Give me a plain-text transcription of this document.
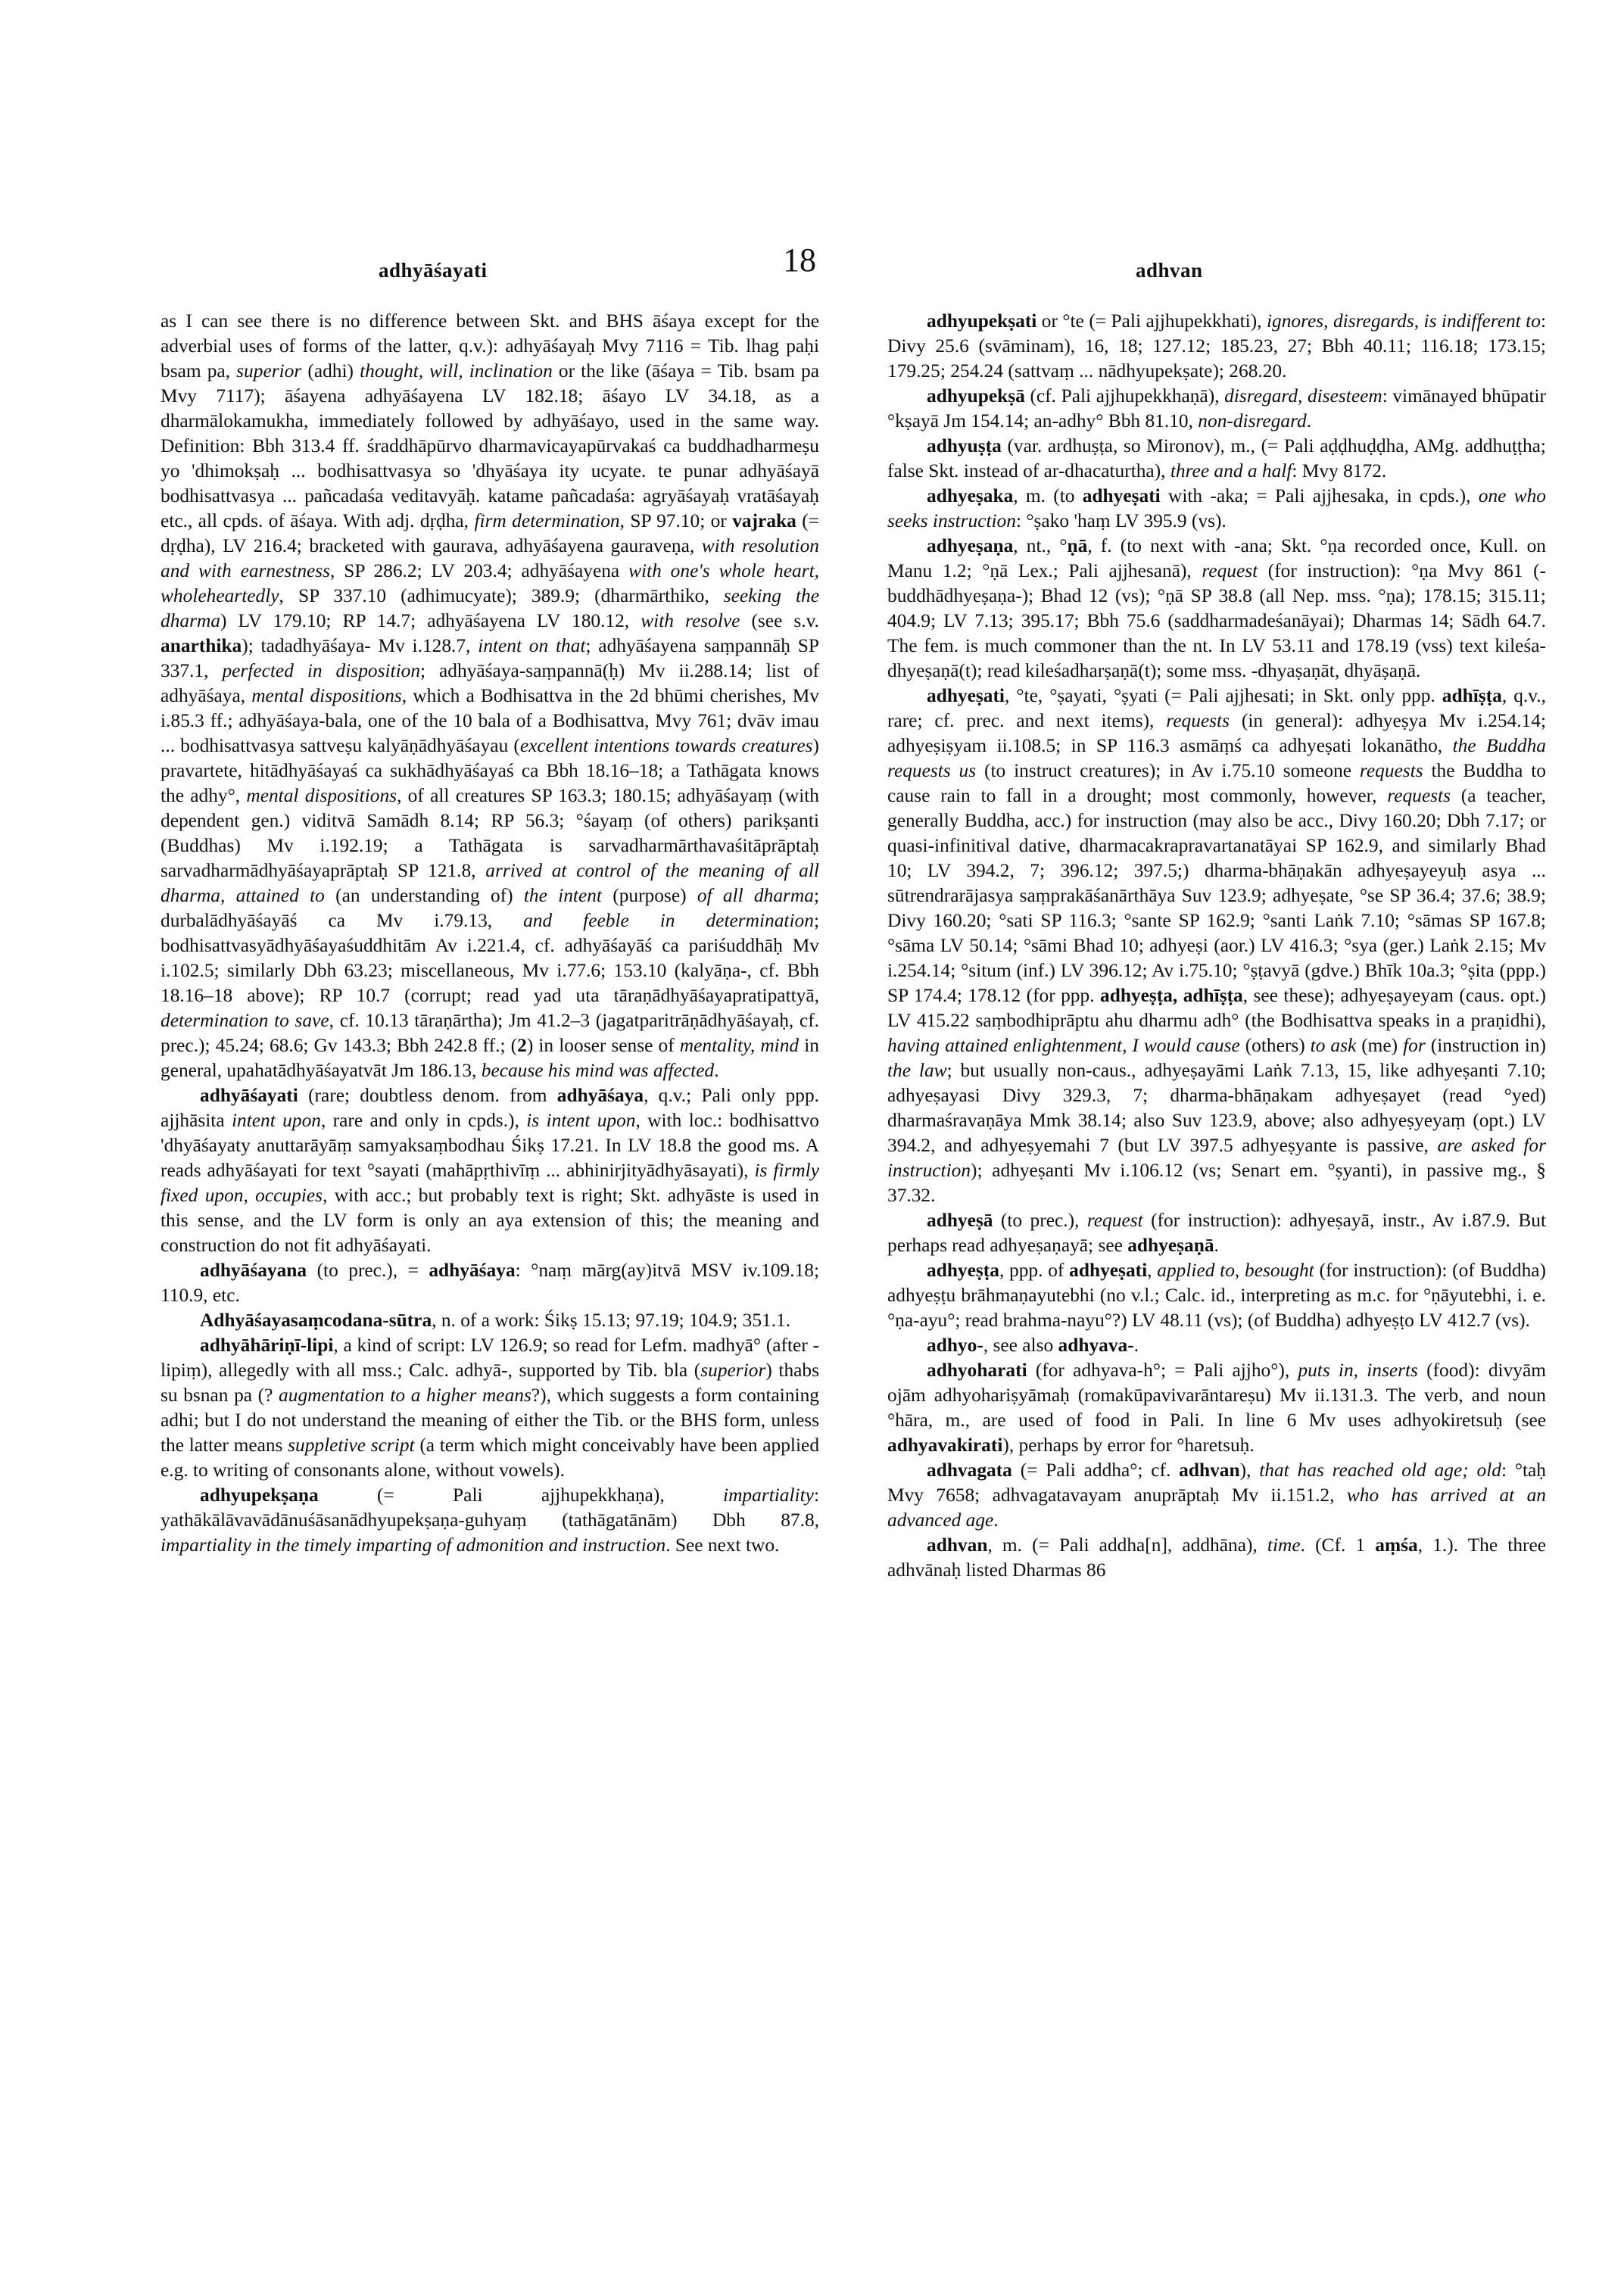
adhyāśayati	18	adhvan

as I can see there is no difference between Skt. and BHS āśaya except for the adverbial uses of forms of the latter, q.v.): adhyāśayaḥ Mvy 7116 = Tib. lhag paḥi bsam pa, superior (adhi) thought, will, inclination or the like (āśaya = Tib. bsam pa Mvy 7117); āśayena adhyāśayena LV 182.18; āśayo LV 34.18, as a dharmālokamukha, immediately followed by adhyāśayo, used in the same way. Definition: Bbh 313.4 ff. śraddhāpūrvo dharmavicayapūrvakaś ca buddhadharmeṣu yo 'dhimokṣaḥ ... bodhisattvasya so 'dhyāśaya ity ucyate. te punar adhyāśayā bodhisattvasya ... pañcadaśa veditavyāḥ. katame pañcadaśa: agryāśayaḥ vratāśayaḥ etc., all cpds. of āśaya. With adj. dṛḍha, firm determination, SP 97.10; or vajraka (= dṛḍha), LV 216.4; bracketed with gaurava, adhyāśayena gauraveṇa, with resolution and with earnestness, SP 286.2; LV 203.4; adhyāśayena with one's whole heart, wholeheartedly, SP 337.10 (adhimucyate); 389.9; (dharmārthiko, seeking the dharma) LV 179.10; RP 14.7; adhyāśayena LV 180.12, with resolve (see s.v. anarthika); tadadhyāśaya- Mv i.128.7, intent on that; adhyāśayena saṃpannāḥ SP 337.1, perfected in disposition; adhyāśaya-saṃpannā(ḥ) Mv ii.288.14; list of adhyāśaya, mental dispositions, which a Bodhisattva in the 2d bhūmi cherishes, Mv i.85.3 ff.; adhyāśaya-bala, one of the 10 bala of a Bodhisattva, Mvy 761; dvāv imau ... bodhisattvasya sattveṣu kalyāṇādhyāśayau (excellent intentions towards creatures) pravartete, hitādhyāśayaś ca sukhādhyāśayaś ca Bbh 18.16–18; a Tathāgata knows the adhy°, mental dispositions, of all creatures SP 163.3; 180.15; adhyāśayaṃ (with dependent gen.) viditvā Samādh 8.14; RP 56.3; °śayaṃ (of others) parikṣanti (Buddhas) Mv i.192.19; a Tathāgata is sarvadharmārthavaśitāprāptaḥ sarvadharmādhyāśayaprāptaḥ SP 121.8, arrived at control of the meaning of all dharma, attained to (an understanding of) the intent (purpose) of all dharma; durbalādhyāśayāś ca Mv i.79.13, and feeble in determination; bodhisattvasyādhyāśayaśuddhitām Av i.221.4, cf. adhyāśayāś ca pariśuddhāḥ Mv i.102.5; similarly Dbh 63.23; miscellaneous, Mv i.77.6; 153.10 (kalyāṇa-, cf. Bbh 18.16–18 above); RP 10.7 (corrupt; read yad uta tāraṇādhyāśayapratipattyā, determination to save, cf. 10.13 tāraṇārtha); Jm 41.2–3 (jagatparitrāṇādhyāśayaḥ, cf. prec.); 45.24; 68.6; Gv 143.3; Bbh 242.8 ff.; (2) in looser sense of mentality, mind in general, upahatādhyāśayatvāt Jm 186.13, because his mind was affected.

adhyāśayati (rare; doubtless denom. from adhyāśaya, q.v.; Pali only ppp. ajjhāsita intent upon, rare and only in cpds.), is intent upon, with loc.: bodhisattvo 'dhyāśayaty anuttarāyāṃ samyaksaṃbodhau Śikṣ 17.21. In LV 18.8 the good ms. A reads adhyāśayati for text °sayati (mahāpṛthivīṃ ... abhinirjityādhyāsayati), is firmly fixed upon, occupies, with acc.; but probably text is right; Skt. adhyāste is used in this sense, and the LV form is only an aya extension of this; the meaning and construction do not fit adhyāśayati.

adhyāśayana (to prec.), = adhyāśaya: °naṃ mārg(ay)itvā MSV iv.109.18; 110.9, etc.

Adhyāśayasaṃcodana-sūtra, n. of a work: Śikṣ 15.13; 97.19; 104.9; 351.1.

adhyāhāriṇī-lipi, a kind of script: LV 126.9; so read for Lefm. madhyā° (after -lipiṃ), allegedly with all mss.; Calc. adhyā-, supported by Tib. bla (superior) thabs su bsnan pa (? augmentation to a higher means?), which suggests a form containing adhi; but I do not understand the meaning of either the Tib. or the BHS form, unless the latter means suppletive script (a term which might conceivably have been applied e.g. to writing of consonants alone, without vowels).

adhyupekṣaṇa (= Pali ajjhupekkhaṇa), impartiality: yathākālāvavādānuśāsanādhyupekṣaṇa-guhyaṃ (tathāgatānām) Dbh 87.8, impartiality in the timely imparting of admonition and instruction. See next two.

adhyupekṣati or °te (= Pali ajjhupekkhati), ignores, disregards, is indifferent to: Divy 25.6 (svāminam), 16, 18; 127.12; 185.23, 27; Bbh 40.11; 116.18; 173.15; 179.25; 254.24 (sattvaṃ ... nādhyupekṣate); 268.20.

adhyupekṣā (cf. Pali ajjhupekkhaṇā), disregard, disesteem: vimānayed bhūpatir °kṣayā Jm 154.14; an-adhy° Bbh 81.10, non-disregard.

adhyuṣṭa (var. ardhuṣṭa, so Mironov), m., (= Pali aḍḍhuḍḍha, AMg. addhuṭṭha; false Skt. instead of ar-dhacaturtha), three and a half: Mvy 8172.

adhyeṣaka, m. (to adhyeṣati with -aka; = Pali ajjhesaka, in cpds.), one who seeks instruction: °ṣako 'haṃ LV 395.9 (vs).

adhyeṣaṇa, nt., °ṇā, f. (to next with -ana; Skt. °ṇa recorded once, Kull. on Manu 1.2; °ṇā Lex.; Pali ajjhesanā), request (for instruction): °ṇa Mvy 861 (-buddhādhyeṣaṇa-); Bhad 12 (vs); °ṇā SP 38.8 (all Nep. mss. °ṇa); 178.15; 315.11; 404.9; LV 7.13; 395.17; Bbh 75.6 (saddharmadeśanāyai); Dharmas 14; Sādh 64.7. The fem. is much commoner than the nt. In LV 53.11 and 178.19 (vss) text kileśa-dhyeṣaṇā(t); read kileśadharṣaṇā(t); some mss. -dhyaṣaṇāt, dhyāṣaṇā.

adhyeṣati, °te, °ṣayati, °ṣyati (= Pali ajjhesati; in Skt. only ppp. adhīṣṭa, q.v., rare; cf. prec. and next items), requests (in general): adhyeṣya Mv i.254.14; adhyeṣiṣyam ii.108.5; in SP 116.3 asmāṃś ca adhyeṣati lokanātho, the Buddha requests us (to instruct creatures); in Av i.75.10 someone requests the Buddha to cause rain to fall in a drought; most commonly, however, requests (a teacher, generally Buddha, acc.) for instruction (may also be acc., Divy 160.20; Dbh 7.17; or quasi-infinitival dative, dharmacakrapravartanatāyai SP 162.9, and similarly Bhad 10; LV 394.2, 7; 396.12; 397.5;) dharma-bhāṇakān adhyeṣayeyuḥ asya ... sūtrendrarājasya saṃprakāśanārthāya Suv 123.9; adhyeṣate, °se SP 36.4; 37.6; 38.9; Divy 160.20; °sati SP 116.3; °sante SP 162.9; °santi Laṅk 7.10; °sāmas SP 167.8; °sāma LV 50.14; °sāmi Bhad 10; adhyeṣi (aor.) LV 416.3; °sya (ger.) Laṅk 2.15; Mv i.254.14; °situm (inf.) LV 396.12; Av i.75.10; °ṣṭavyā (gdve.) Bhīk 10a.3; °ṣita (ppp.) SP 174.4; 178.12 (for ppp. adhyeṣṭa, adhīṣṭa, see these); adhyeṣayeyam (caus. opt.) LV 415.22 saṃbodhiprāptu ahu dharmu adh° (the Bodhisattva speaks in a praṇidhi), having attained enlightenment, I would cause (others) to ask (me) for (instruction in) the law; but usually non-caus., adhyeṣayāmi Laṅk 7.13, 15, like adhyeṣanti 7.10; adhyeṣayasi Divy 329.3, 7; dharma-bhāṇakam adhyeṣayet (read °yed) dharmaśravaṇāya Mmk 38.14; also Suv 123.9, above; also adhyeṣyeyaṃ (opt.) LV 394.2, and adhyeṣyemahi 7 (but LV 397.5 adhyeṣyante is passive, are asked for instruction); adhyeṣanti Mv i.106.12 (vs; Senart em. °ṣyanti), in passive mg., § 37.32.

adhyeṣā (to prec.), request (for instruction): adhyeṣayā, instr., Av i.87.9. But perhaps read adhyeṣaṇayā; see adhyeṣaṇā.

adhyeṣṭa, ppp. of adhyeṣati, applied to, besought (for instruction): (of Buddha) adhyeṣṭu brāhmaṇayutebhi (no v.l.; Calc. id., interpreting as m.c. for °ṇāyutebhi, i. e. °ṇa-ayu°; read brahma-nayu°?) LV 48.11 (vs); (of Buddha) adhyeṣṭo LV 412.7 (vs).

adhyo-, see also adhyava-.

adhyoharati (for adhyava-h°; = Pali ajjho°), puts in, inserts (food): divyām ojām adhyohariṣyāmaḥ (romakūpavivarāntareṣu) Mv ii.131.3. The verb, and noun °hāra, m., are used of food in Pali. In line 6 Mv uses adhyokiretsuḥ (see adhyavakirati), perhaps by error for °haretsuḥ.

adhvagata (= Pali addha°; cf. adhvan), that has reached old age; old: °taḥ Mvy 7658; adhvagatavayam anuprāptaḥ Mv ii.151.2, who has arrived at an advanced age.

adhvan, m. (= Pali addha[n], addhāna), time. (Cf. 1 aṃśa, 1.). The three adhvānaḥ listed Dharmas 86
